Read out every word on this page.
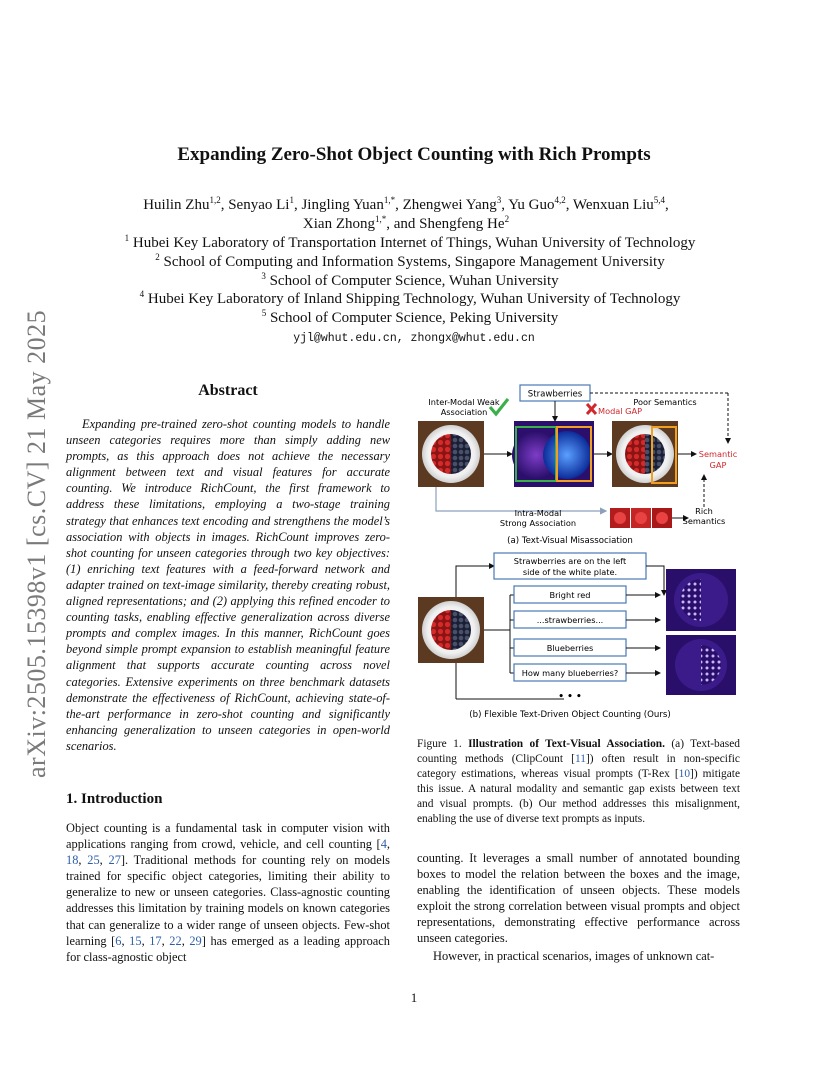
arXiv:2505.15398v1 [cs.CV] 21 May 2025
Expanding Zero-Shot Object Counting with Rich Prompts
Huilin Zhu$^{1,2}$, Senyao Li$^1$, Jingling Yuan$^{1,*}$, Zhengwei Yang$^3$, Yu Guo$^{4,2}$, Wenxuan Liu$^{5,4}$,
Xian Zhong$^{1,*}$, and Shengfeng He$^2$
$^1$ Hubei Key Laboratory of Transportation Internet of Things, Wuhan University of Technology
$^2$ School of Computing and Information Systems, Singapore Management University
$^3$ School of Computer Science, Wuhan University
$^4$ Hubei Key Laboratory of Inland Shipping Technology, Wuhan University of Technology
$^5$ School of Computer Science, Peking University
yjl@whut.edu.cn, zhongx@whut.edu.cn
Abstract

Expanding pre-trained zero-shot counting models to handle unseen categories requires more than simply adding new prompts, as this approach does not achieve the necessary alignment between text and visual features for accurate counting. We introduce RichCount, the first framework to address these limitations, employing a two-stage training strategy that enhances text encoding and strengthens the model’s association with objects in images. RichCount improves zero-shot counting for unseen categories through two key objectives: (1) enriching text features with a feed-forward network and adapter trained on text-image similarity, thereby creating robust, aligned representations; and (2) applying this refined encoder to counting tasks, enabling effective generalization across diverse prompts and complex images. In this manner, RichCount goes beyond simple prompt expansion to establish meaningful feature alignment that supports accurate counting across novel categories. Extensive experiments on three benchmark datasets demonstrate the effectiveness of RichCount, achieving state-of-the-art performance in zero-shot counting and significantly enhancing generalization to unseen categories in open-world scenarios.

1. Introduction

Object counting is a fundamental task in computer vision with applications ranging from crowd, vehicle, and cell counting [4, 18, 25, 27]. Traditional methods for counting rely on models trained for specific object categories, limiting their ability to generalize to new or unseen categories. Class-agnostic counting addresses this limitation by training models on known categories that can generalize to a wider range of unseen objects. Few-shot learning [6, 15, 17, 22, 29] has emerged as a leading approach for class-agnostic object

Strawberries
Inter-Modal Weak
Association
Poor Semantics
Modal GAP
Semantic
GAP
Intra-Modal
Strong Association
Rich
Semantics
(a) Text-Visual Misassociation
Strawberries are on the left
side of the white plate.
Bright red
...strawberries...
Blueberries
How many blueberries?
• • •
(b) Flexible Text-Driven Object Counting (Ours)

Figure 1. Illustration of Text-Visual Association. (a) Text-based counting methods (ClipCount [11]) often result in non-specific category estimations, whereas visual prompts (T-Rex [10]) mitigate this issue. A natural modality and semantic gap exists between text and visual prompts. (b) Our method addresses this misalignment, enabling the use of diverse text prompts as inputs.

counting. It leverages a small number of annotated bounding boxes to model the relation between the boxes and the image, enabling the identification of unseen objects. These models exploit the strong correlation between visual prompts and object representations, demonstrating effective performance across unseen categories.

However, in practical scenarios, images of unknown cat-

1
